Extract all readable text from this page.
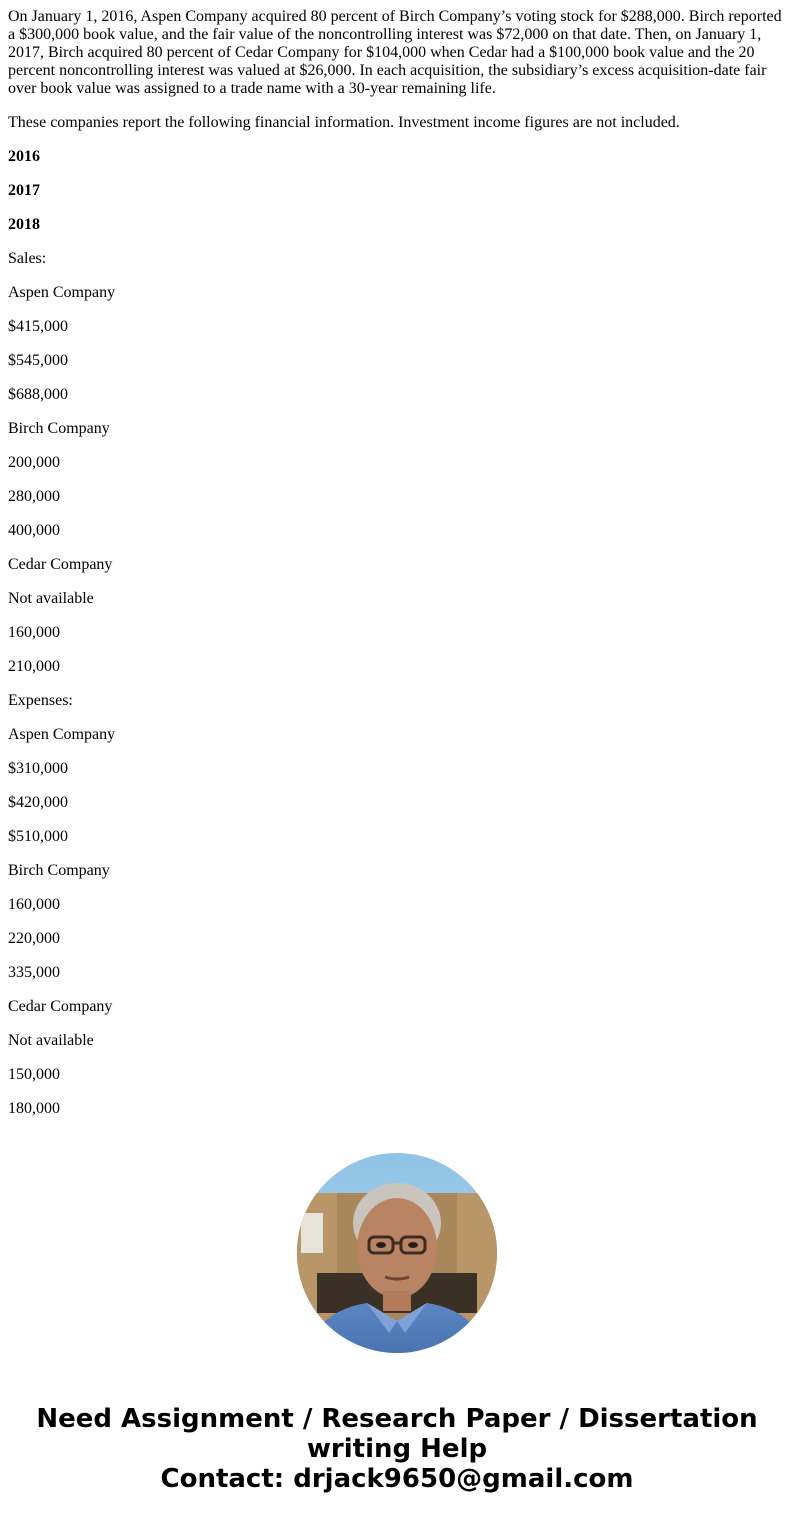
On January 1, 2016, Aspen Company acquired 80 percent of Birch Company’s voting stock for $288,000. Birch reported a $300,000 book value, and the fair value of the noncontrolling interest was $72,000 on that date. Then, on January 1, 2017, Birch acquired 80 percent of Cedar Company for $104,000 when Cedar had a $100,000 book value and the 20 percent noncontrolling interest was valued at $26,000. In each acquisition, the subsidiary’s excess acquisition-date fair over book value was assigned to a trade name with a 30-year remaining life.

These companies report the following financial information. Investment income figures are not included.

2016
2017
2018
Sales:
Aspen Company
$415,000
$545,000
$688,000
Birch Company
200,000
280,000
400,000
Cedar Company
Not available
160,000
210,000
Expenses:
Aspen Company
$310,000
$420,000
$510,000
Birch Company
160,000
220,000
335,000
Cedar Company
Not available
150,000
180,000
Need Assignment / Research Paper / Dissertation
writing Help
Contact: drjack9650@gmail.com
